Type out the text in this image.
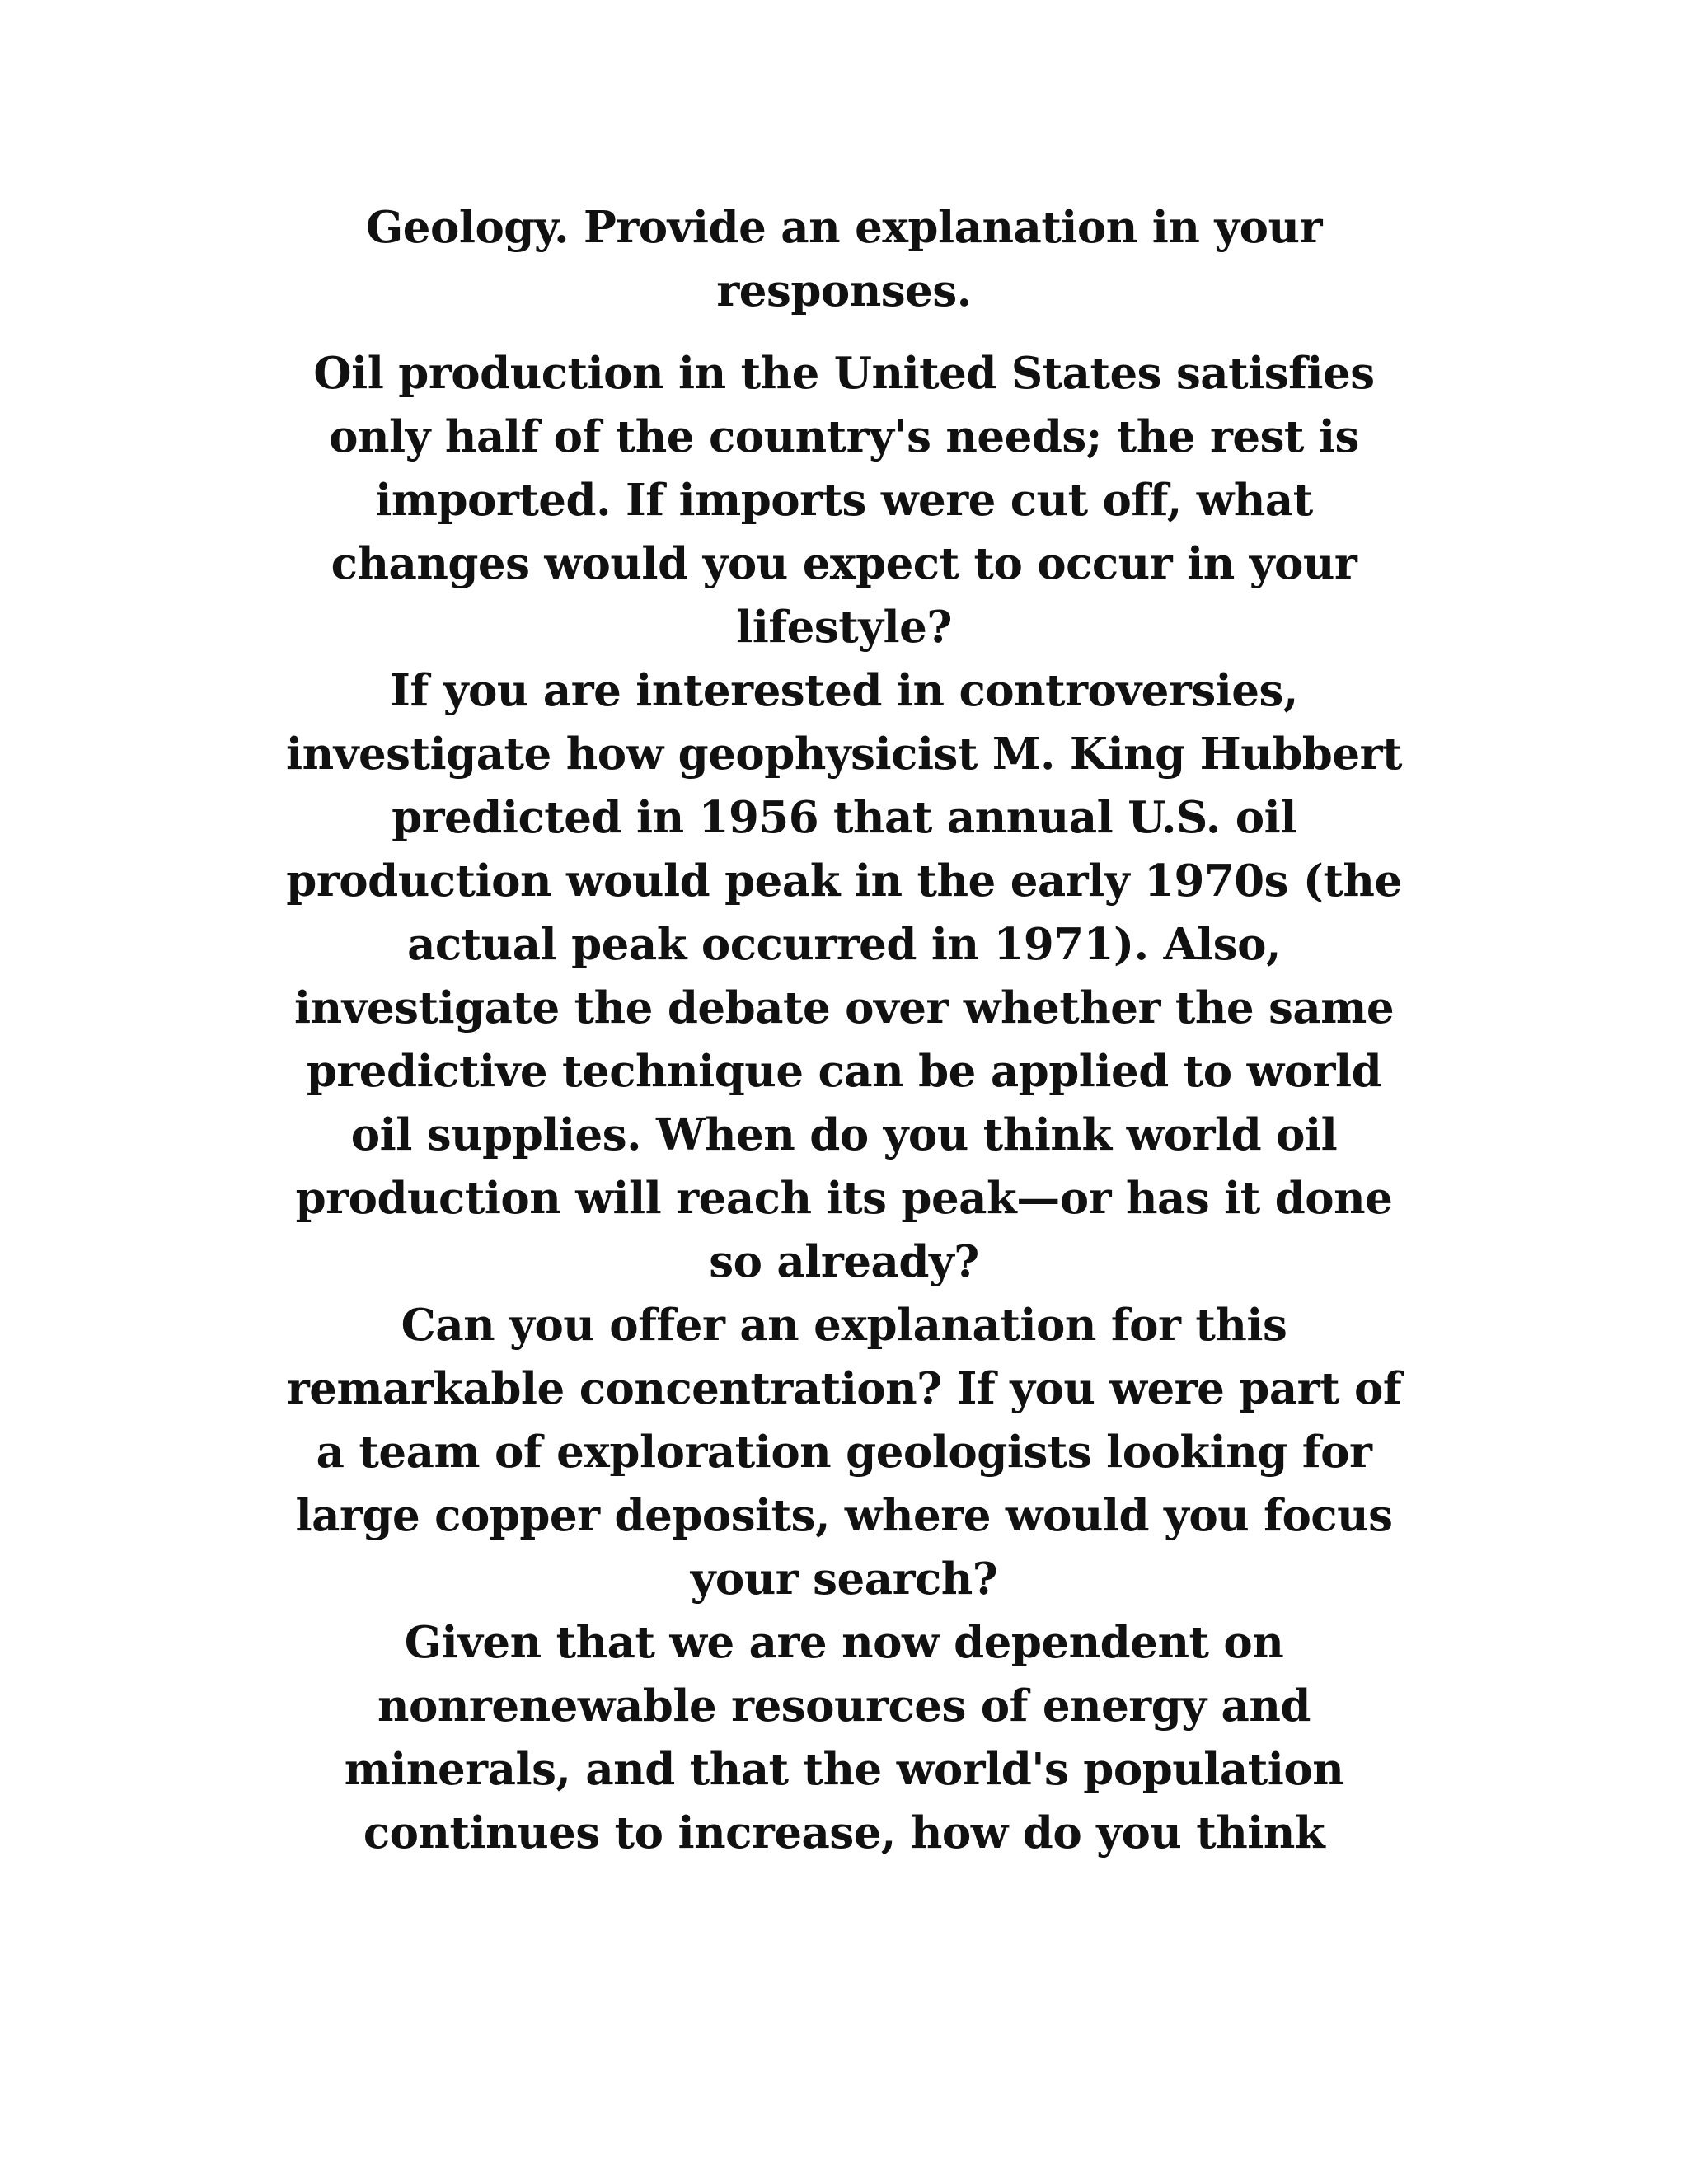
Geology. Provide an explanation in your
responses.

Oil production in the United States satisfies
only half of the country's needs; the rest is
imported. If imports were cut off, what
changes would you expect to occur in your
lifestyle?

If you are interested in controversies,
investigate how geophysicist M. King Hubbert
predicted in 1956 that annual U.S. oil
production would peak in the early 1970s (the
actual peak occurred in 1971). Also,
investigate the debate over whether the same
predictive technique can be applied to world
oil supplies. When do you think world oil
production will reach its peak—or has it done
so already?

Can you offer an explanation for this
remarkable concentration? If you were part of
a team of exploration geologists looking for
large copper deposits, where would you focus
your search?

Given that we are now dependent on
nonrenewable resources of energy and
minerals, and that the world's population
continues to increase, how do you think
